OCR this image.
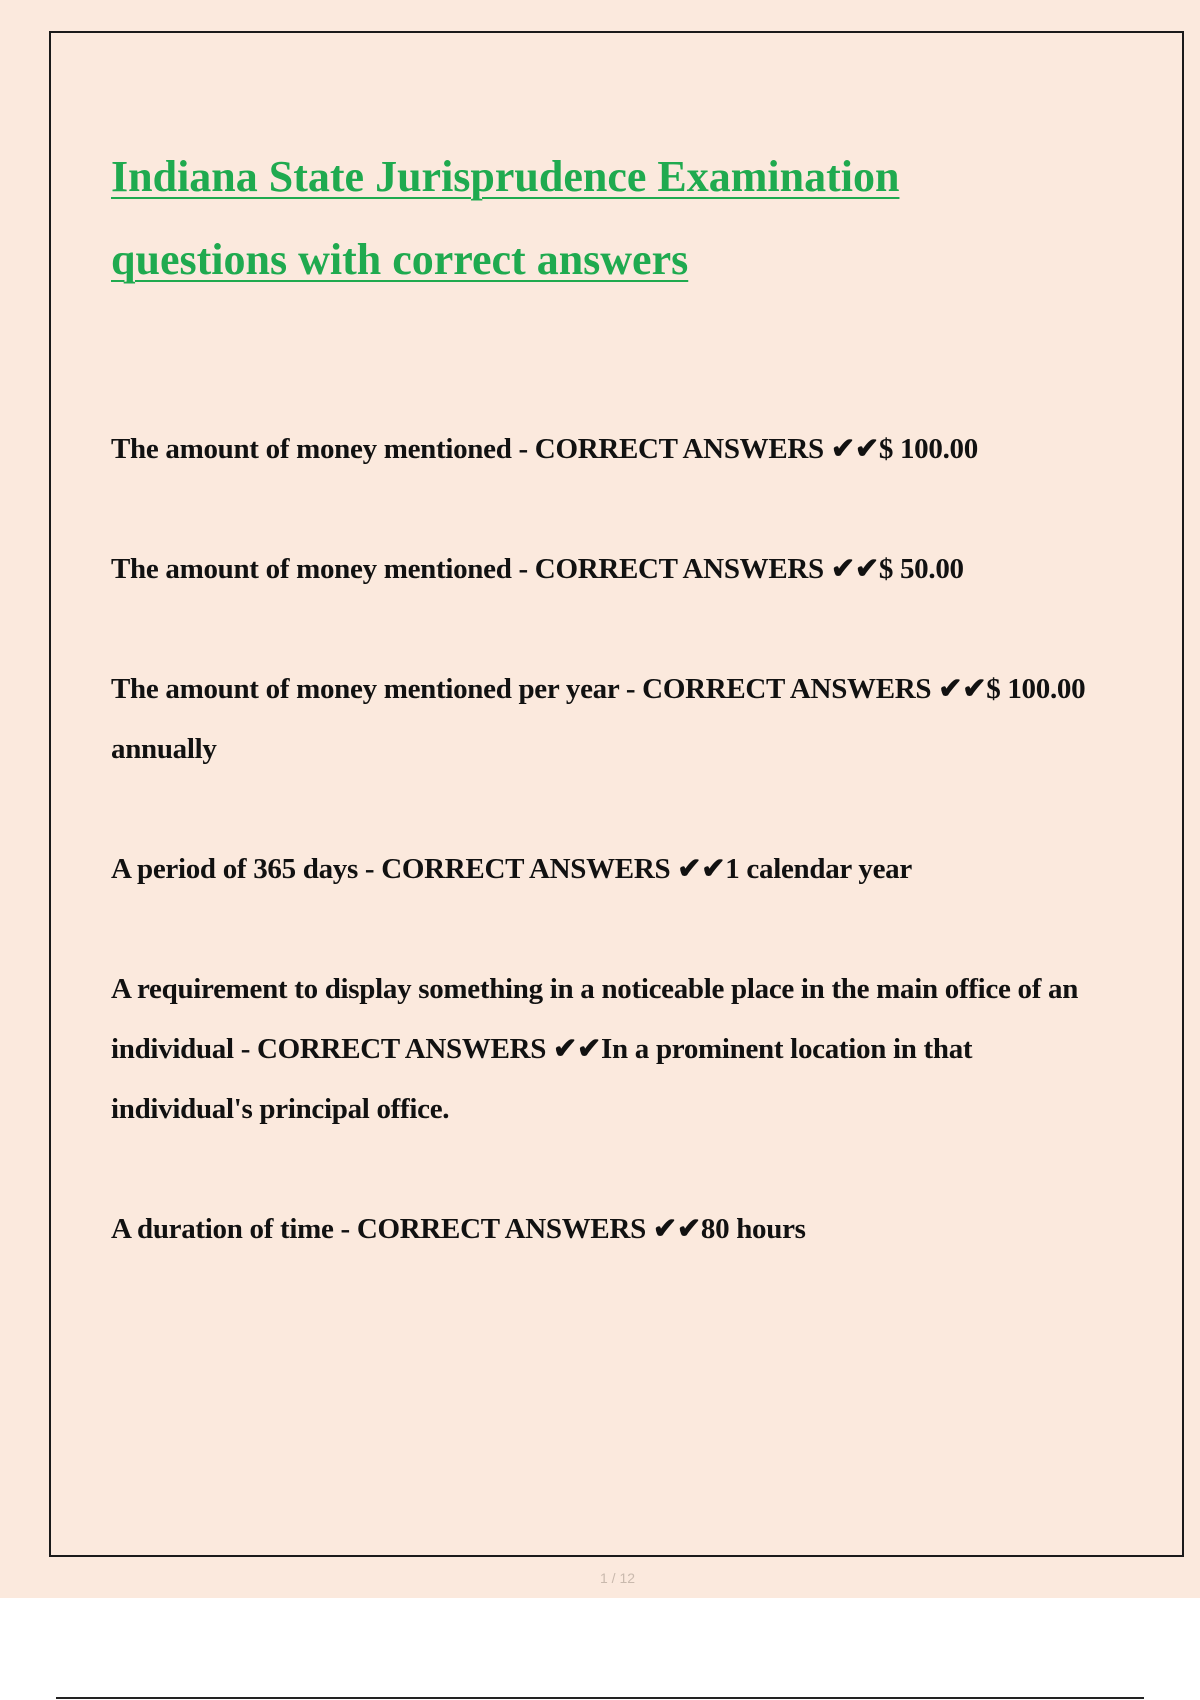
Indiana State Jurisprudence Examination questions with correct answers

The amount of money mentioned - CORRECT ANSWERS ✔✔$ 100.00

The amount of money mentioned - CORRECT ANSWERS ✔✔$ 50.00

The amount of money mentioned per year - CORRECT ANSWERS ✔✔$ 100.00 annually

A period of 365 days - CORRECT ANSWERS ✔✔1 calendar year

A requirement to display something in a noticeable place in the main office of an individual - CORRECT ANSWERS ✔✔In a prominent location in that individual's principal office.

A duration of time - CORRECT ANSWERS ✔✔80 hours

1 / 12
